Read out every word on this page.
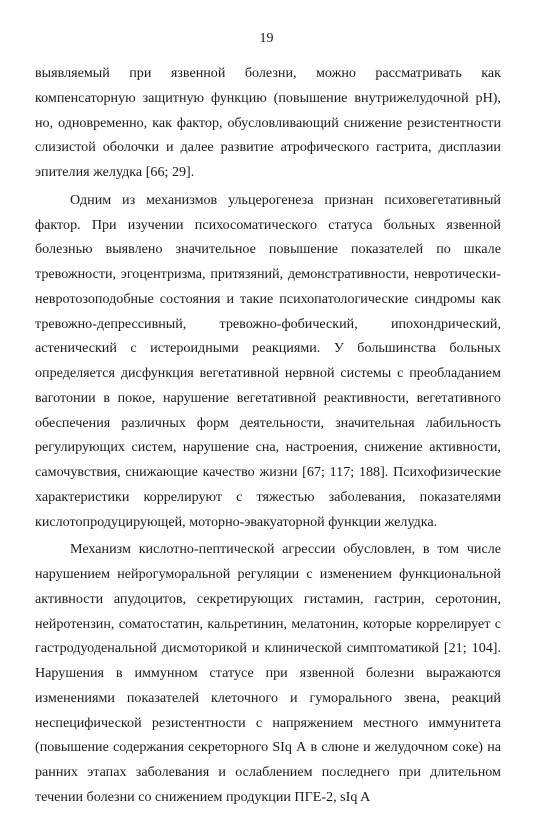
19
выявляемый при язвенной болезни, можно рассматривать как
компенсаторную защитную функцию (повышение внутрижелудочной рН),
но, одновременно, как фактор, обусловливающий снижение резистентности
слизистой оболочки и далее развитие атрофического гастрита, дисплазии
эпителия желудка [66; 29].
Одним из механизмов ульцерогенеза признан психовегетативный
фактор. При изучении психосоматического статуса больных язвенной
болезнью выявлено значительное повышение показателей по шкале
тревожности, эгоцентризма, притязяний, демонстративности, невротически-
невротозоподобные состояния и такие психопатологические синдромы как
тревожно-депрессивный, тревожно-фобический, ипохондрический,
астенический с истероидными реакциями. У большинства больных
определяется дисфункция вегетативной нервной системы с преобладанием
ваготонии в покое, нарушение вегетативной реактивности, вегетативного
обеспечения различных форм деятельности, значительная лабильность
регулирующих систем, нарушение сна, настроения, снижение активности,
самочувствия, снижающие качество жизни [67; 117; 188]. Психофизические
характеристики коррелируют с тяжестью заболевания, показателями
кислотопродуцирующей, моторно-эвакуаторной функции желудка.
Механизм кислотно-пептической агрессии обусловлен, в том числе
нарушением нейрогуморальной регуляции с изменением функциональной
активности апудоцитов, секретирующих гистамин, гастрин, серотонин,
нейротензин, соматостатин, кальретинин, мелатонин, которые коррелирует с
гастродуоденальной дисмоторикой и клинической симптоматикой [21; 104].
Нарушения в иммунном статусе при язвенной болезни выражаются
изменениями показателей клеточного и гуморального звена, реакций
неспецифической резистентности с напряжением местного иммунитета
(повышение содержания секреторного SIq A в слюне и желудочном соке) на
ранних этапах заболевания и ослаблением последнего при длительном
течении болезни со снижением продукции ПГЕ-2, sIq A
